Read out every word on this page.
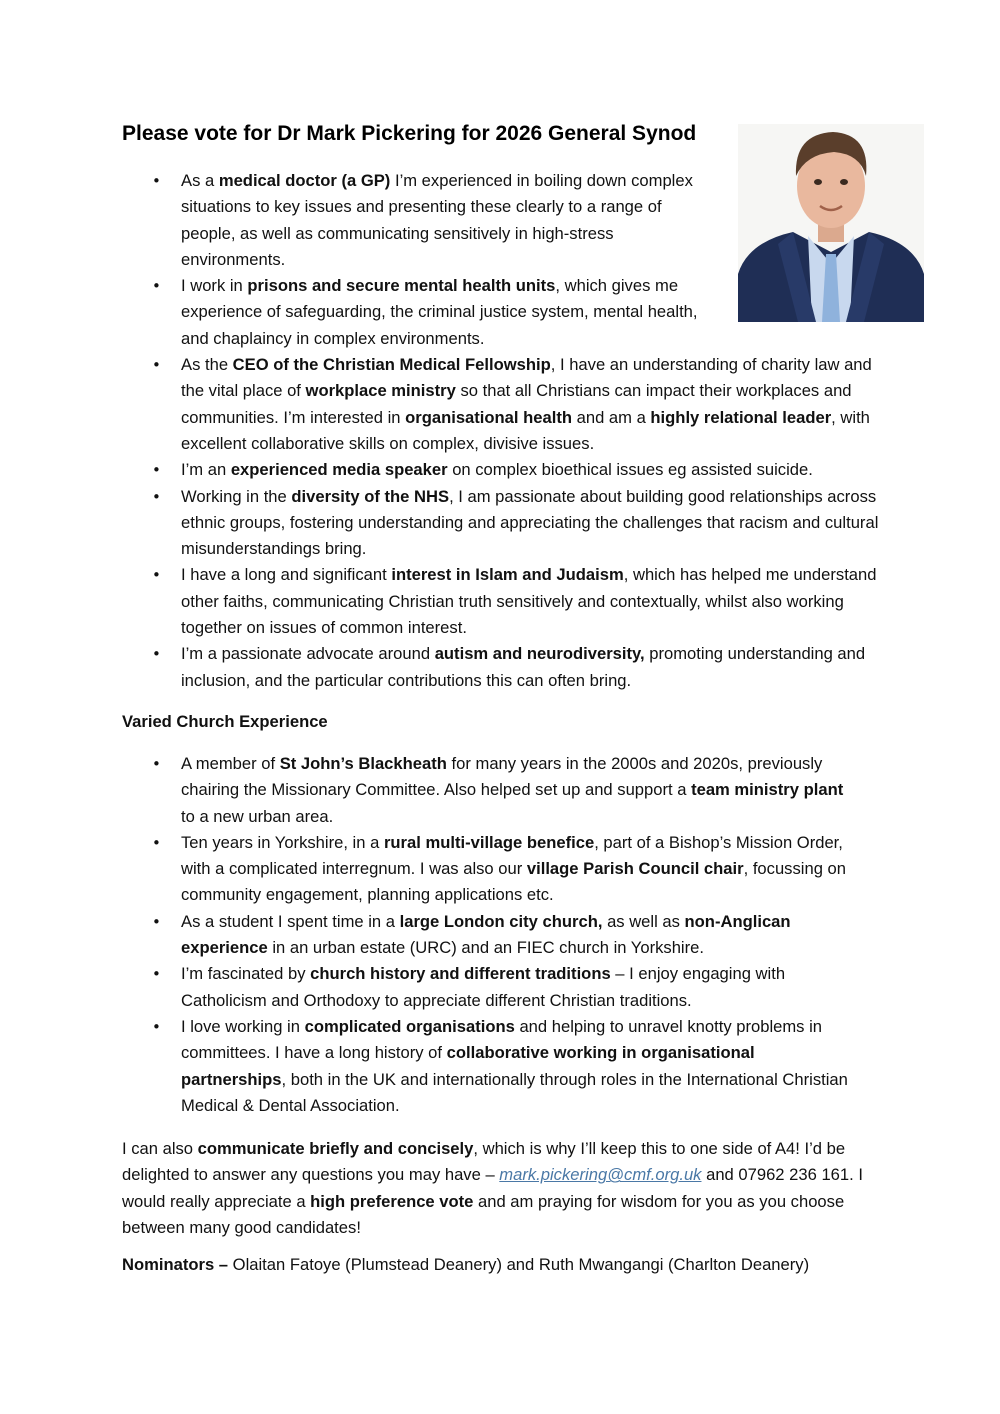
Please vote for Dr Mark Pickering for 2026 General Synod
• As a medical doctor (a GP) I’m experienced in boiling down complex situations to key issues and presenting these clearly to a range of people, as well as communicating sensitively in high-stress environments.
• I work in prisons and secure mental health units, which gives me experience of safeguarding, the criminal justice system, mental health, and chaplaincy in complex environments.
• As the CEO of the Christian Medical Fellowship, I have an understanding of charity law and the vital place of workplace ministry so that all Christians can impact their workplaces and communities. I’m interested in organisational health and am a highly relational leader, with excellent collaborative skills on complex, divisive issues.
• I’m an experienced media speaker on complex bioethical issues eg assisted suicide.
• Working in the diversity of the NHS, I am passionate about building good relationships across ethnic groups, fostering understanding and appreciating the challenges that racism and cultural misunderstandings bring.
• I have a long and significant interest in Islam and Judaism, which has helped me understand other faiths, communicating Christian truth sensitively and contextually, whilst also working together on issues of common interest.
• I’m a passionate advocate around autism and neurodiversity, promoting understanding and inclusion, and the particular contributions this can often bring.
Varied Church Experience
• A member of St John’s Blackheath for many years in the 2000s and 2020s, previously chairing the Missionary Committee. Also helped set up and support a team ministry plant to a new urban area.
• Ten years in Yorkshire, in a rural multi-village benefice, part of a Bishop’s Mission Order, with a complicated interregnum. I was also our village Parish Council chair, focussing on community engagement, planning applications etc.
• As a student I spent time in a large London city church, as well as non-Anglican experience in an urban estate (URC) and an FIEC church in Yorkshire.
• I’m fascinated by church history and different traditions – I enjoy engaging with Catholicism and Orthodoxy to appreciate different Christian traditions.
• I love working in complicated organisations and helping to unravel knotty problems in committees. I have a long history of collaborative working in organisational partnerships, both in the UK and internationally through roles in the International Christian Medical & Dental Association.

I can also communicate briefly and concisely, which is why I’ll keep this to one side of A4! I’d be delighted to answer any questions you may have – mark.pickering@cmf.org.uk and 07962 236 161. I would really appreciate a high preference vote and am praying for wisdom for you as you choose between many good candidates!

Nominators – Olaitan Fatoye (Plumstead Deanery) and Ruth Mwangangi (Charlton Deanery)
